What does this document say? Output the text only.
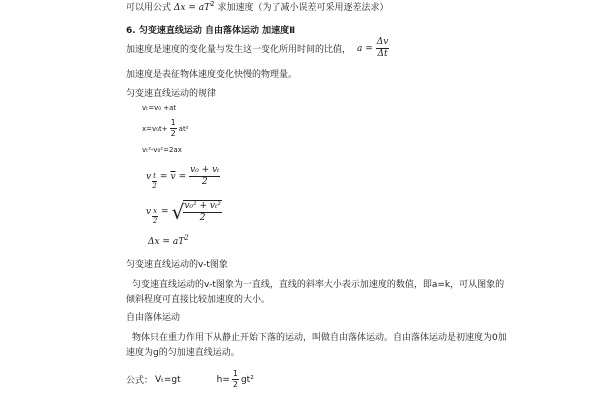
可以用公式 $\Delta x = aT^2$ 求加速度（为了减小误差可采用逐差法求）
6. 匀变速直线运动 自由落体运动 加速度Ⅱ
加速度是速度的变化量与发生这一变化所用时间的比值， $a = \frac{\Delta v}{\Delta t}$
加速度是表征物体速度变化快慢的物理量。
匀变速直线运动的规律
vₜ=v₀ +at
$x=v_0t+ \frac{1}{2} at^2$
vₜ²-v₀²=2ax
v $\frac{t}{2} = \overline{v} = \frac{\text{v₀ + vₜ}}{2}$
v $\frac{x}{2}$ = √ $\frac{\text{v₀² + vₜ²}}{2}$
$\Delta x = aT^2$
匀变速直线运动的v-t图象
匀变速直线运动的v-t图象为一直线，直线的斜率大小表示加速度的数值，即a=k，可从图象的
倾斜程度可直接比较加速度的大小。
自由落体运动
物体只在重力作用下从静止开始下落的运动，叫做自由落体运动。自由落体运动是初速度为0加
速度为g的匀加速直线运动。
公式： Vₜ=gt	$h= \frac{1}{2} gt^2$
